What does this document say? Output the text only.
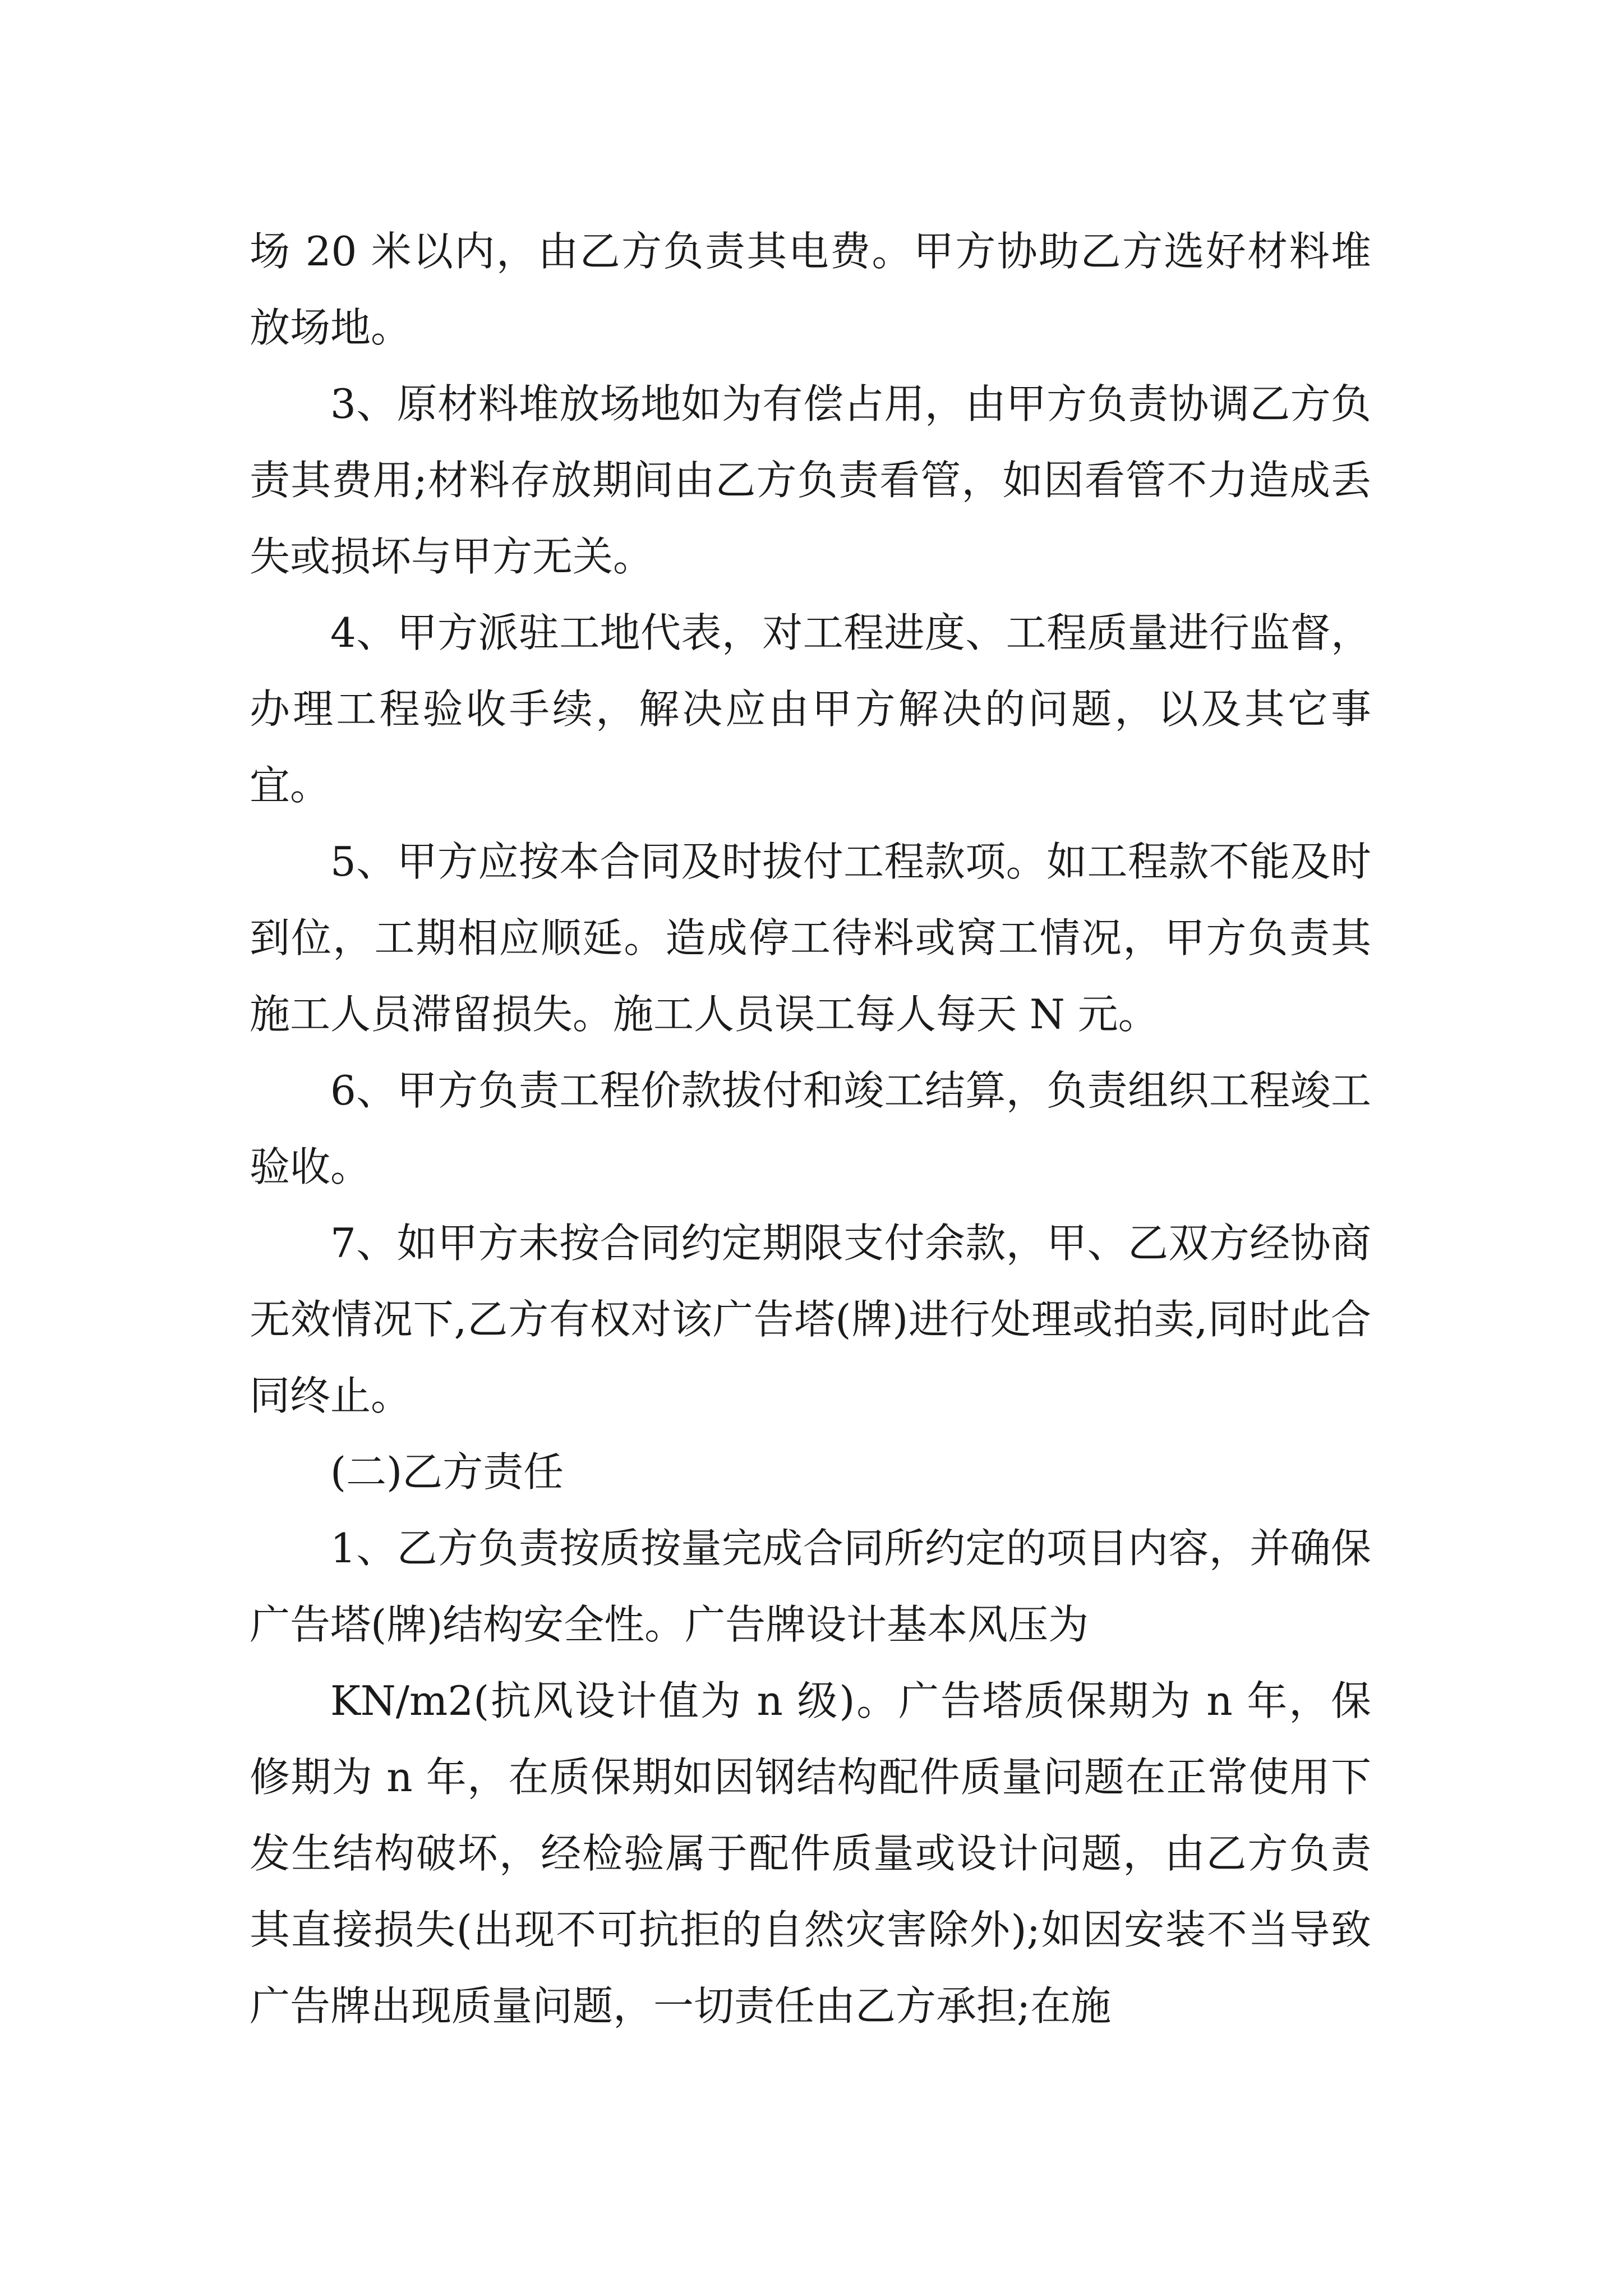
场 20 米以内，由乙方负责其电费。甲方协助乙方选好材料堆放场地。

3、原材料堆放场地如为有偿占用，由甲方负责协调乙方负责其费用;材料存放期间由乙方负责看管，如因看管不力造成丢失或损坏与甲方无关。

4、甲方派驻工地代表，对工程进度、工程质量进行监督，办理工程验收手续，解决应由甲方解决的问题，以及其它事宜。

5、甲方应按本合同及时拔付工程款项。如工程款不能及时到位，工期相应顺延。造成停工待料或窝工情况，甲方负责其施工人员滞留损失。施工人员误工每人每天 N 元。

6、甲方负责工程价款拔付和竣工结算，负责组织工程竣工验收。

7、如甲方未按合同约定期限支付余款，甲、乙双方经协商无效情况下,乙方有权对该广告塔(牌)进行处理或拍卖,同时此合同终止。

(二)乙方责任

1、乙方负责按质按量完成合同所约定的项目内容，并确保广告塔(牌)结构安全性。广告牌设计基本风压为

KN/m2(抗风设计值为 n 级)。广告塔质保期为 n 年，保修期为 n 年，在质保期如因钢结构配件质量问题在正常使用下发生结构破坏，经检验属于配件质量或设计问题，由乙方负责其直接损失(出现不可抗拒的自然灾害除外);如因安装不当导致广告牌出现质量问题，一切责任由乙方承担;在施
